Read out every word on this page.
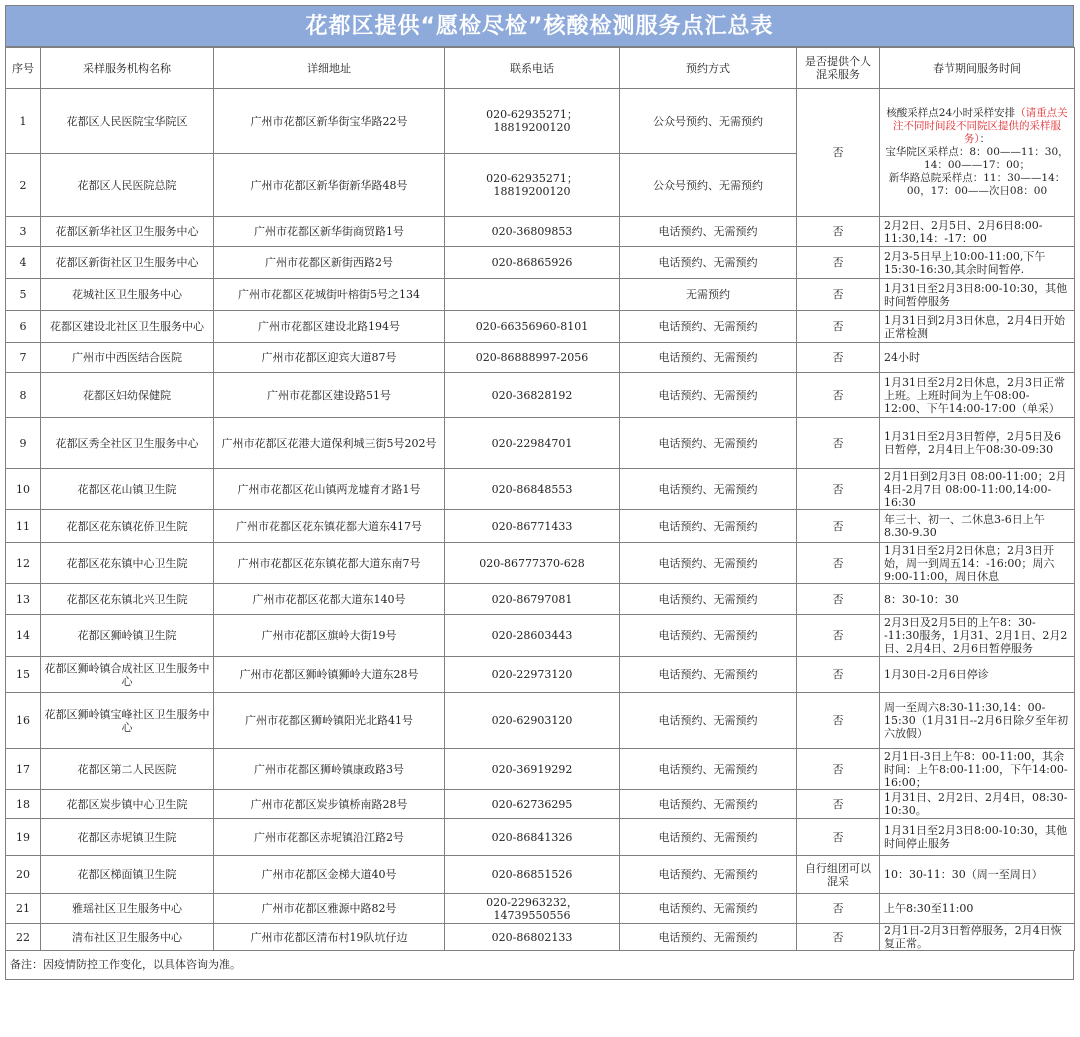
花都区提供“愿检尽检”核酸检测服务点汇总表
序号	采样服务机构名称	详细地址	联系电话	预约方式	是否提供个人混采服务	春节期间服务时间
1	花都区人民医院宝华院区	广州市花都区新华街宝华路22号	020-62935271；18819200120	公众号预约、无需预约	否	核酸采样点24小时采样安排（请重点关注不同时间段不同院区提供的采样服务）：
宝华院区采样点：8：00——11：30，14：00——17：00；
新华路总院采样点：11：30——14：00，17：00——次日08：00

2	花都区人民医院总院	广州市花都区新华街新华路48号	020-62935271；18819200120	公众号预约、无需预约		
3	花都区新华社区卫生服务中心	广州市花都区新华街商贸路1号	020-36809853	电话预约、无需预约	否	2月2日、2月5日、2月6日8:00-11:30,14：-17：00
4	花都区新街社区卫生服务中心	广州市花都区新街西路2号	020-86865926	电话预约、无需预约	否	2月3-5日早上10:00-11:00,下午15:30-16:30,其余时间暂停.
5	花城社区卫生服务中心	广州市花都区花城街叶榕街5号之134		无需预约	否	1月31日至2月3日8:00-10:30，其他时间暂停服务
6	花都区建设北社区卫生服务中心	广州市花都区建设北路194号	020-66356960-8101	电话预约、无需预约	否	1月31日到2月3日休息，2月4日开始正常检测
7	广州市中西医结合医院	广州市花都区迎宾大道87号	020-86888997-2056	电话预约、无需预约	否	24小时
8	花都区妇幼保健院	广州市花都区建设路51号	020-36828192	电话预约、无需预约	否	1月31日至2月2日休息，2月3日正常上班。上班时间为上午08:00-12:00、下午14:00-17:00（单采）
9	花都区秀全社区卫生服务中心	广州市花都区花港大道保利城三街5号202号	020-22984701	电话预约、无需预约	否	1月31日至2月3日暂停，2月5日及6日暂停，2月4日上午08:30-09:30
10	花都区花山镇卫生院	广州市花都区花山镇两龙墟育才路1号	020-86848553	电话预约、无需预约	否	2月1日到2月3日 08:00-11:00；2月4日-2月7日 08:00-11:00,14:00-16:30
11	花都区花东镇花侨卫生院	广州市花都区花东镇花都大道东417号	020-86771433	电话预约、无需预约	否	年三十、初一、二休息3-6日上午8.30-9.30
12	花都区花东镇中心卫生院	广州市花都区花东镇花都大道东南7号	020-86777370-628	电话预约、无需预约	否	1月31日至2月2日休息；2月3日开始，周一到周五14：-16:00；周六9:00-11:00，周日休息
13	花都区花东镇北兴卫生院	广州市花都区花都大道东140号	020-86797081	电话预约、无需预约	否	8：30-10：30
14	花都区狮岭镇卫生院	广州市花都区旗岭大街19号	020-28603443	电话预约、无需预约	否	2月3日及2月5日的上午8：30--11:30服务，1月31、2月1日、2月2日、2月4日、2月6日暂停服务
15	花都区狮岭镇合成社区卫生服务中心	广州市花都区狮岭镇狮岭大道东28号	020-22973120	电话预约、无需预约	否	1月30日-2月6日停诊
16	花都区狮岭镇宝峰社区卫生服务中心	广州市花都区狮岭镇阳光北路41号	020-62903120	电话预约、无需预约	否	周一至周六8:30-11:30,14：00-15:30（1月31日--2月6日除夕至年初六放假）
17	花都区第二人民医院	广州市花都区狮岭镇康政路3号	020-36919292	电话预约、无需预约	否	2月1日-3日上午8：00-11:00，其余时间：上午8:00-11:00，下午14:00-16:00；
18	花都区炭步镇中心卫生院	广州市花都区炭步镇桥南路28号	020-62736295	电话预约、无需预约	否	1月31日、2月2日、2月4日，08:30-10:30。
19	花都区赤坭镇卫生院	广州市花都区赤坭镇沿江路2号	020-86841326	电话预约、无需预约	否	1月31日至2月3日8:00-10:30，其他时间停止服务
20	花都区梯面镇卫生院	广州市花都区金梯大道40号	020-86851526	电话预约、无需预约	自行组团可以混采	10：30-11：30（周一至周日）
21	雅瑶社区卫生服务中心	广州市花都区雅源中路82号	020-22963232，14739550556	电话预约、无需预约	否	上午8:30至11:00
22	清布社区卫生服务中心	广州市花都区清布村19队坑仔边	020-86802133	电话预约、无需预约	否	2月1日-2月3日暂停服务，2月4日恢复正常。
备注：因疫情防控工作变化，以具体咨询为准。
